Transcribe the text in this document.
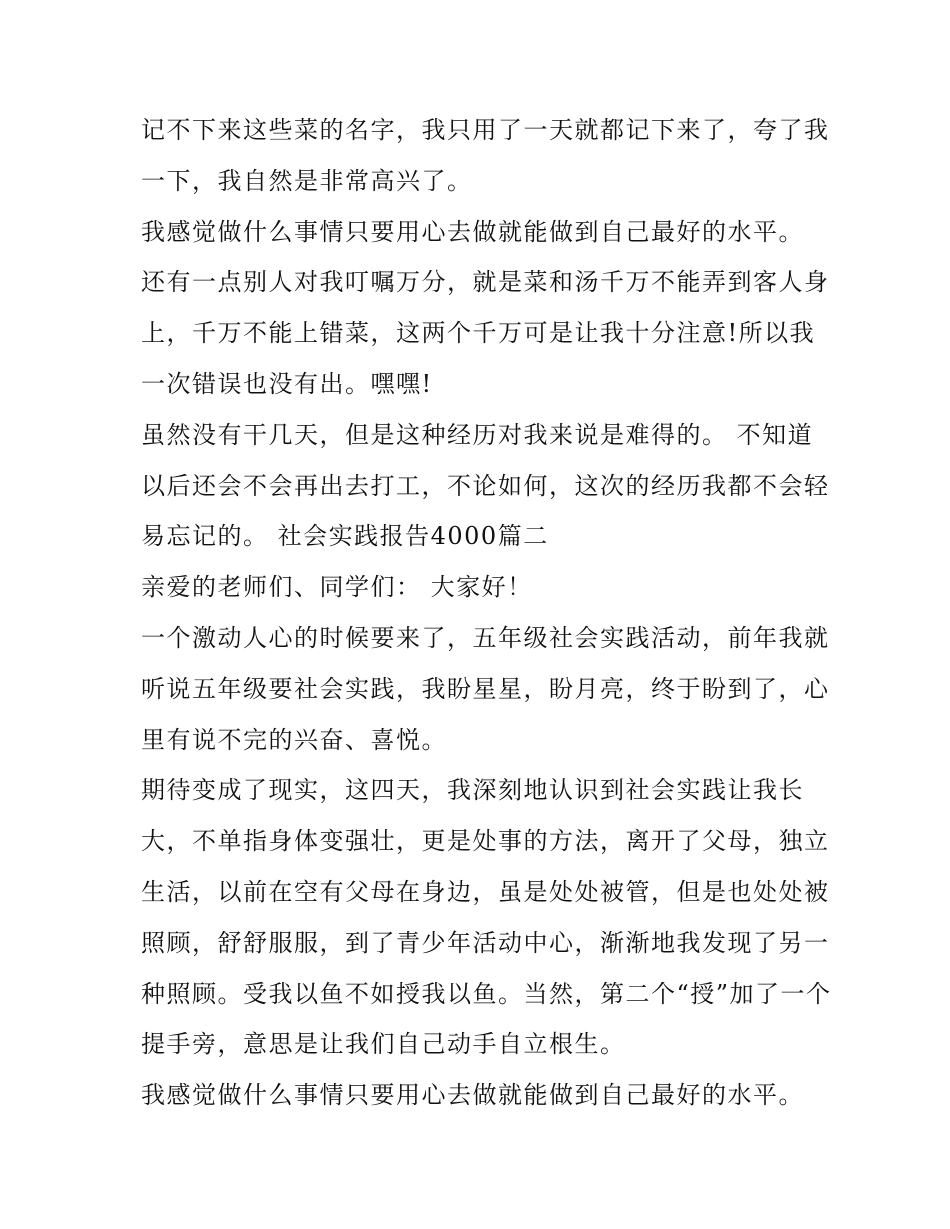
记不下来这些菜的名字，我只用了一天就都记下来了，夸了我
一下，我自然是非常高兴了。
我感觉做什么事情只要用心去做就能做到自己最好的水平。
还有一点别人对我叮嘱万分，就是菜和汤千万不能弄到客人身
上，千万不能上错菜，这两个千万可是让我十分注意!所以我
一次错误也没有出。嘿嘿!
虽然没有干几天，但是这种经历对我来说是难得的。 不知道
以后还会不会再出去打工，不论如何，这次的经历我都不会轻
易忘记的。 社会实践报告4000篇二
亲爱的老师们、同学们： 大家好！
一个激动人心的时候要来了，五年级社会实践活动，前年我就
听说五年级要社会实践，我盼星星，盼月亮，终于盼到了，心
里有说不完的兴奋、喜悦。
期待变成了现实，这四天，我深刻地认识到社会实践让我长
大，不单指身体变强壮，更是处事的方法，离开了父母，独立
生活，以前在空有父母在身边，虽是处处被管，但是也处处被
照顾，舒舒服服，到了青少年活动中心，渐渐地我发现了另一
种照顾。受我以鱼不如授我以鱼。当然，第二个“授”加了一个
提手旁，意思是让我们自己动手自立根生。
我感觉做什么事情只要用心去做就能做到自己最好的水平。
